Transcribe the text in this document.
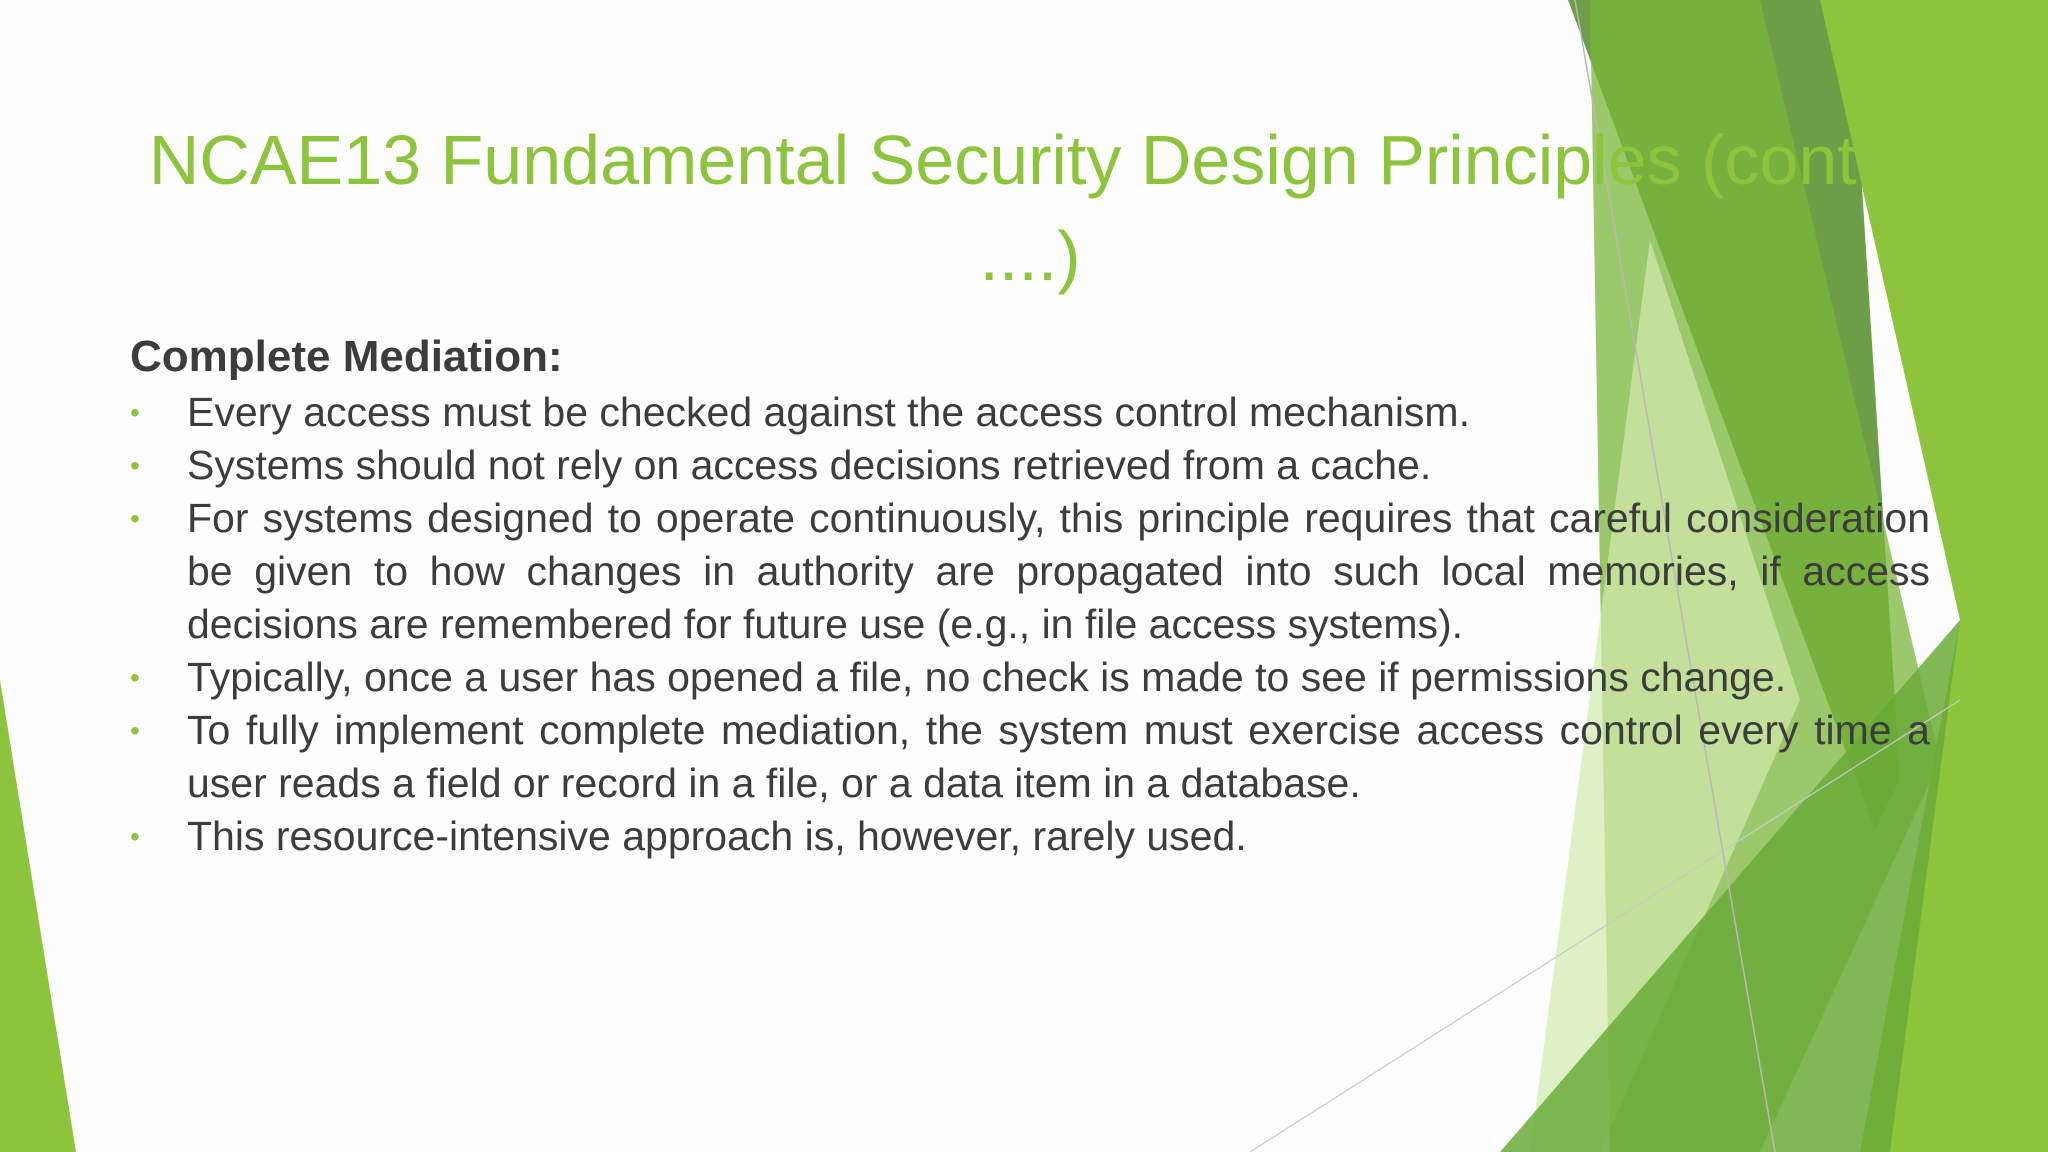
NCAE13 Fundamental Security Design Principles (cont’d ....)
Complete Mediation:
• Every access must be checked against the access control mechanism.
• Systems should not rely on access decisions retrieved from a cache.
• For systems designed to operate continuously, this principle requires that careful consideration be given to how changes in authority are propagated into such local memories, if access decisions are remembered for future use (e.g., in file access systems).
• Typically, once a user has opened a file, no check is made to see if permissions change.
• To fully implement complete mediation, the system must exercise access control every time a user reads a field or record in a file, or a data item in a database.
• This resource-intensive approach is, however, rarely used.
